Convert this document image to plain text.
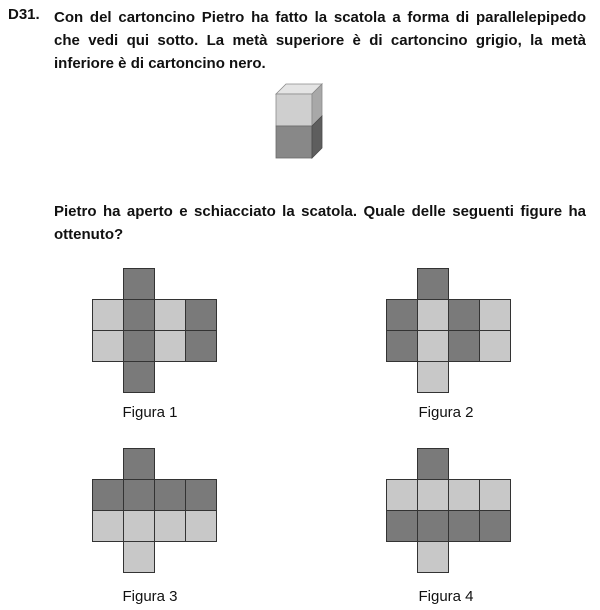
D31. Con del cartoncino Pietro ha fatto la scatola a forma di parallelepipedo che vedi qui sotto. La metà superiore è di cartoncino grigio, la metà inferiore è di cartoncino nero.
Pietro ha aperto e schiacciato la scatola. Quale delle seguenti figure ha ottenuto?
Figura 1	Figura 2
Figura 3	Figura 4
